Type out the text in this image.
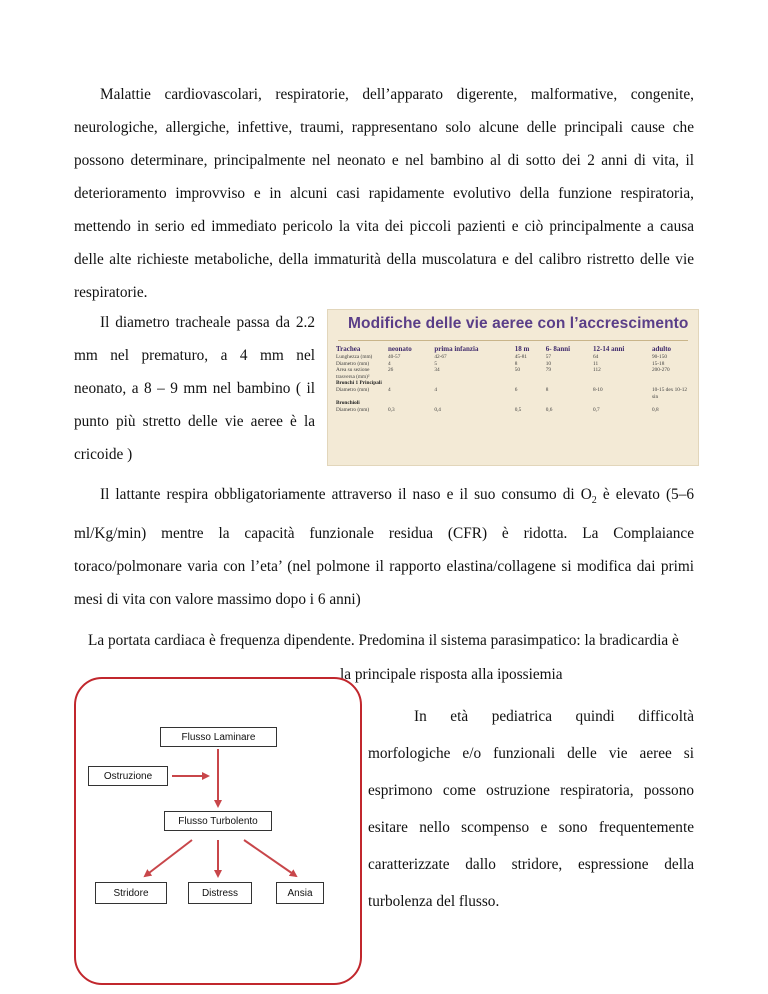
Malattie cardiovascolari, respiratorie, dell’apparato digerente, malformative, congenite, neurologiche, allergiche, infettive, traumi, rappresentano solo alcune delle principali cause che possono determinare, principalmente nel neonato e nel bambino al di sotto dei 2 anni di vita, il deterioramento improvviso e in alcuni casi rapidamente evolutivo della funzione respiratoria, mettendo in serio ed immediato pericolo la vita dei piccoli pazienti e ciò principalmente a causa delle alte richieste metaboliche, della immaturità della muscolatura e del calibro ristretto delle vie respiratorie.

Il diametro tracheale passa da 2.2 mm nel prematuro, a 4 mm nel neonato, a 8 – 9 mm nel bambino ( il punto più stretto delle vie aeree è la cricoide )

Modifiche delle vie aeree con l’accrescimento
Trachea	neonato	prima infanzia	18 m	6- 8anni	12-14 anni	adulto
Lunghezza (mm)	40-57	42-67	45-81	57	64	90-150
Diametro (mm)	4	5	8	10	11	15-18
Area su sezione trasversa (mm)²	26	34	50	79	112	200-270
Bronchi 1 Principali						
Diametro (mm)	4	4	6	8	8-10	10-15 dex 10-12 sin
Bronchioli						
Diametro (mm)	0,3	0,4	0,5	0,6	0,7	0,8

Il lattante respira obbligatoriamente attraverso il naso e il suo consumo di $O_2$ è elevato (5–6 ml/Kg/min) mentre la capacità funzionale residua (CFR) è ridotta. La Complaiance toraco/polmonare varia con l’eta’ (nel polmone il rapporto elastina/collagene si modifica dai primi mesi di vita con valore massimo dopo i 6 anni)

La portata cardiaca è frequenza dipendente. Predomina il sistema parasimpatico: la bradicardia è

la principale risposta alla ipossiemia

In età pediatrica quindi difficoltà morfologiche e/o funzionali delle vie aeree si esprimono come ostruzione respiratoria, possono esitare nello scompenso e sono frequentemente caratterizzate dallo stridore, espressione della turbolenza del flusso.

Flusso Laminare
Ostruzione
Flusso Turbolento
Stridore	Distress	Ansia
